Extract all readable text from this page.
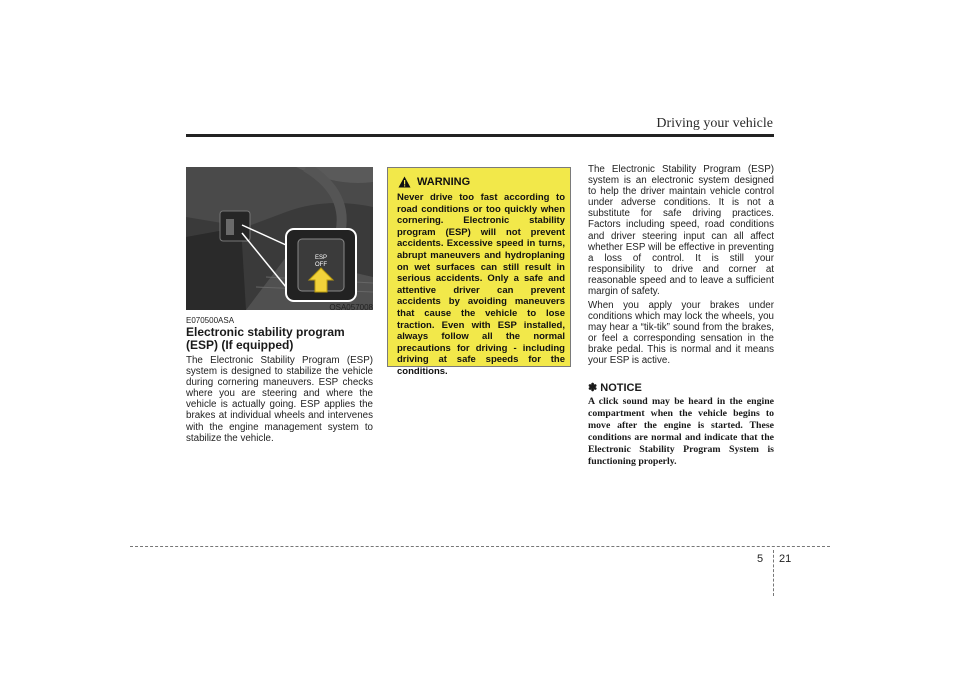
Driving your vehicle
ESP
OFF
OSA057008
E070500ASA
Electronic stability program (ESP) (If equipped)
The Electronic Stability Program (ESP) system is designed to stabilize the vehicle during cornering maneuvers. ESP checks where you are steering and where the vehicle is actually going. ESP applies the brakes at individual wheels and intervenes with the engine management system to stabilize the vehicle.
WARNING
Never drive too fast according to road conditions or too quickly when cornering. Electronic stability program (ESP) will not prevent accidents. Excessive speed in turns, abrupt maneuvers and hydroplaning on wet surfaces can still result in serious accidents. Only a safe and attentive driver can prevent accidents by avoiding maneuvers that cause the vehicle to lose traction. Even with ESP installed, always follow all the normal precautions for driving - including driving at safe speeds for the conditions.
The Electronic Stability Program (ESP) system is an electronic system designed to help the driver maintain vehicle control under adverse conditions. It is not a substitute for safe driving practices. Factors including speed, road conditions and driver steering input can all affect whether ESP will be effective in preventing a loss of control. It is still your responsibility to drive and corner at reasonable speed and to leave a sufficient margin of safety.
When you apply your brakes under conditions which may lock the wheels, you may hear a “tik-tik” sound from the brakes, or feel a corresponding sensation in the brake pedal. This is normal and it means your ESP is active.
✽ NOTICE
A click sound may be heard in the engine compartment when the vehicle begins to move after the engine is started. These conditions are normal and indicate that the Electronic Stability Program System is functioning properly.
5 21
